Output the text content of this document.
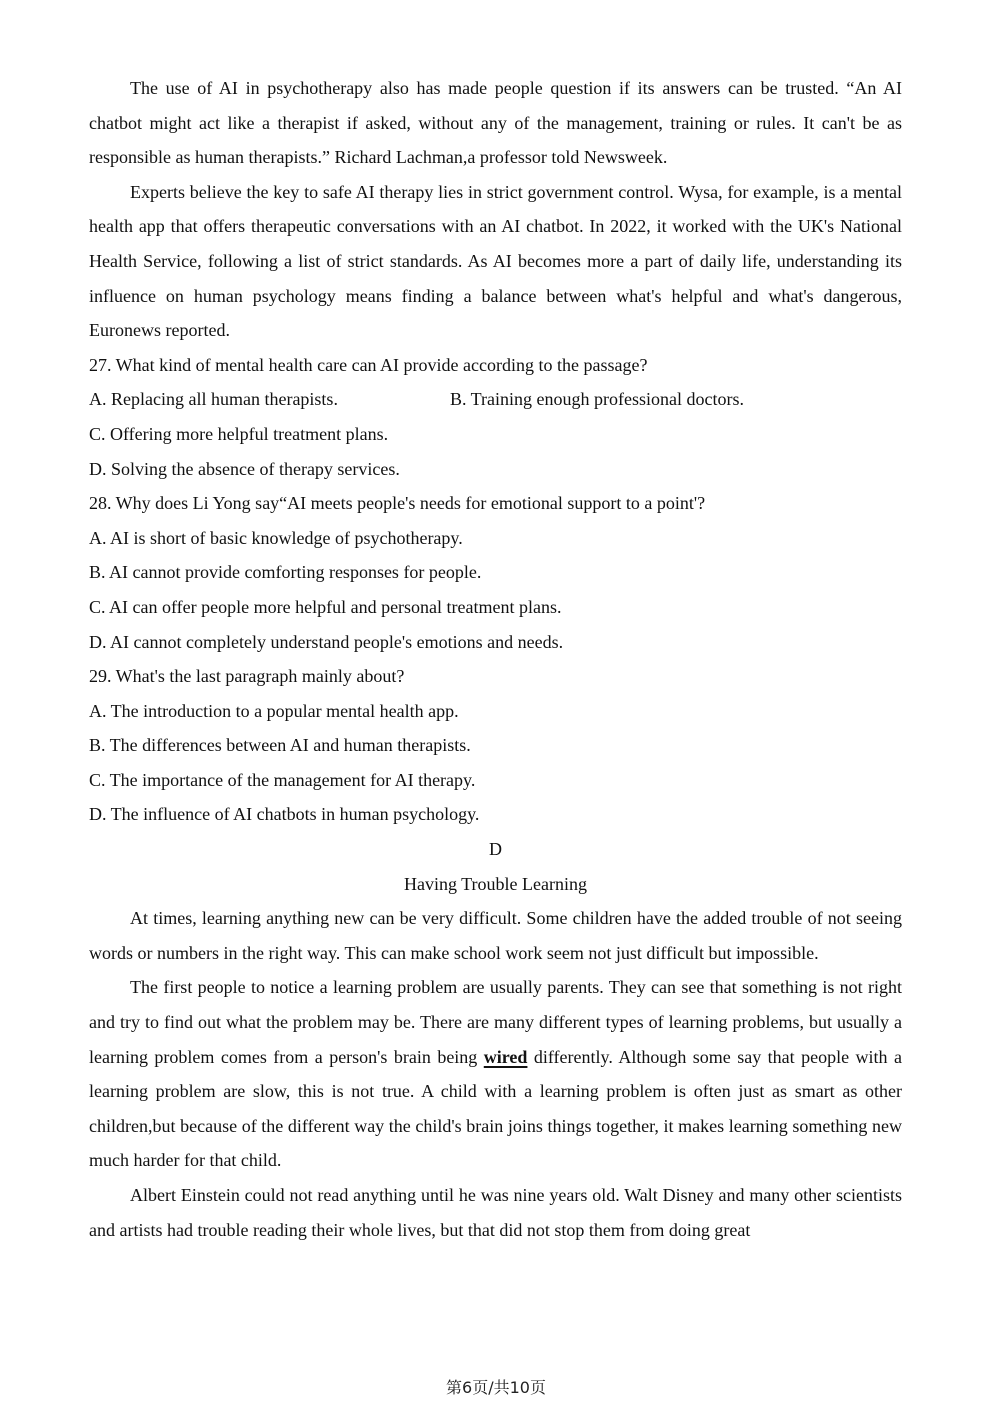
The use of AI in psychotherapy also has made people question if its answers can be trusted. “An AI chatbot might act like a therapist if asked, without any of the management, training or rules. It can't be as responsible as human therapists.” Richard Lachman,a professor told Newsweek.

Experts believe the key to safe AI therapy lies in strict government control. Wysa, for example, is a mental health app that offers therapeutic conversations with an AI chatbot. In 2022, it worked with the UK's National Health Service, following a list of strict standards. As AI becomes more a part of daily life, understanding its influence on human psychology means finding a balance between what's helpful and what's dangerous, Euronews reported.

27. What kind of mental health care can AI provide according to the passage?

A. Replacing all human therapists.	B. Training enough professional doctors.

C. Offering more helpful treatment plans.

D. Solving the absence of therapy services.

28. Why does Li Yong say“AI meets people's needs for emotional support to a point'?

A. AI is short of basic knowledge of psychotherapy.

B. AI cannot provide comforting responses for people.

C. AI can offer people more helpful and personal treatment plans.

D. AI cannot completely understand people's emotions and needs.

29. What's the last paragraph mainly about?

A. The introduction to a popular mental health app.

B. The differences between AI and human therapists.

C. The importance of the management for AI therapy.

D. The influence of AI chatbots in human psychology.

D

Having Trouble Learning

At times, learning anything new can be very difficult. Some children have the added trouble of not seeing words or numbers in the right way. This can make school work seem not just difficult but impossible.

The first people to notice a learning problem are usually parents. They can see that something is not right and try to find out what the problem may be. There are many different types of learning problems, but usually a learning problem comes from a person's brain being wired differently. Although some say that people with a learning problem are slow, this is not true. A child with a learning problem is often just as smart as other children,but because of the different way the child's brain joins things together, it makes learning something new much harder for that child.

Albert Einstein could not read anything until he was nine years old. Walt Disney and many other scientists and artists had trouble reading their whole lives, but that did not stop them from doing great

第6页/共10页
